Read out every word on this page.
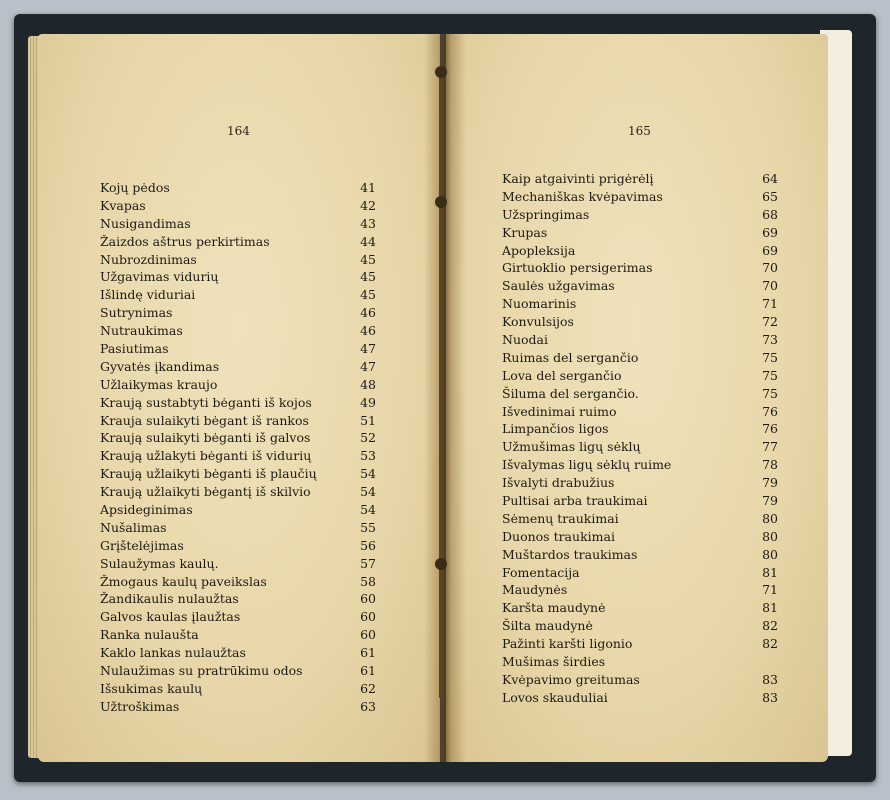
164	165
Kojų pėdos	41
Kvapas	42
Nusigandimas	43
Žaizdos aštrus perkirtimas	44
Nubrozdinimas	45
Užgavimas vidurių	45
Išlindę viduriai	45
Sutrynimas	46
Nutraukimas	46
Pasiutimas	47
Gyvatės įkandimas	47
Užlaikymas kraujo	48
Kraują sustabtyti bėganti iš kojos	49
Krauja sulaikyti bėgant iš rankos	51
Kraują sulaikyti bėganti iš galvos	52
Kraują užlakyti bėganti iš vidurių	53
Kraują užlaikyti bėganti iš plaučių	54
Kraują užlaikyti bėgantį iš skilvio	54
Apsideginimas	54
Nušalimas	55
Grįštelėjimas	56
Sulaužymas kaulų.	57
Žmogaus kaulų paveikslas	58
Žandikaulis nulaužtas	60
Galvos kaulas įlaužtas	60
Ranka nulaušta	60
Kaklo lankas nulaužtas	61
Nulaužimas su pratrūkimu odos	61
Išsukimas kaulų	62
Užtroškimas	63
Kaip atgaivinti prigėrėlį	64
Mechaniškas kvėpavimas	65
Užspringimas	68
Krupas	69
Apopleksija	69
Girtuoklio persigerimas	70
Saulės užgavimas	70
Nuomarinis	71
Konvulsijos	72
Nuodai	73
Ruimas del sergančio	75
Lova del sergančio	75
Šiluma del sergančio.	75
Išvedinimai ruimo	76
Limpančios ligos	76
Užmušimas ligų sėklų	77
Išvalymas ligų sėklų ruime	78
Išvalyti drabužius	79
Pultisai arba traukimai	79
Sėmenų traukimai	80
Duonos traukimai	80
Muštardos traukimas	80
Fomentacija	81
Maudynės	71
Karšta maudynė	81
Šilta maudynė	82
Pažinti karšti ligonio	82
Mušimas širdies
Kvėpavimo greitumas	83
Lovos skauduliai	83
